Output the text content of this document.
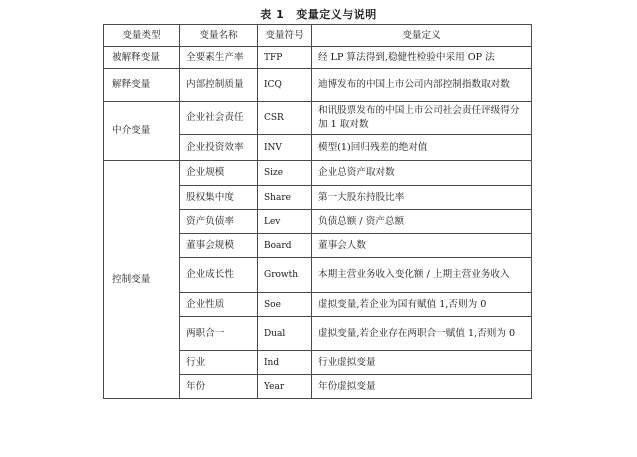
表 1 变量定义与说明
变量类型	变量名称	变量符号	变量定义
被解释变量	全要素生产率	TFP	经 LP 算法得到,稳健性检验中采用 OP 法
解释变量	内部控制质量	ICQ	迪博发布的中国上市公司内部控制指数取对数
中介变量	企业社会责任	CSR	和讯股票发布的中国上市公司社会责任评级得分加 1 取对数
	企业投资效率	INV	模型(1)回归残差的绝对值
控制变量	企业规模	Size	企业总资产取对数
	股权集中度	Share	第一大股东持股比率
	资产负债率	Lev	负债总额 / 资产总额
	董事会规模	Board	董事会人数
	企业成长性	Growth	本期主营业务收入变化额 / 上期主营业务收入
	企业性质	Soe	虚拟变量,若企业为国有赋值 1,否则为 0
	两职合一	Dual	虚拟变量,若企业存在两职合一赋值 1,否则为 0
	行业	Ind	行业虚拟变量
	年份	Year	年份虚拟变量
